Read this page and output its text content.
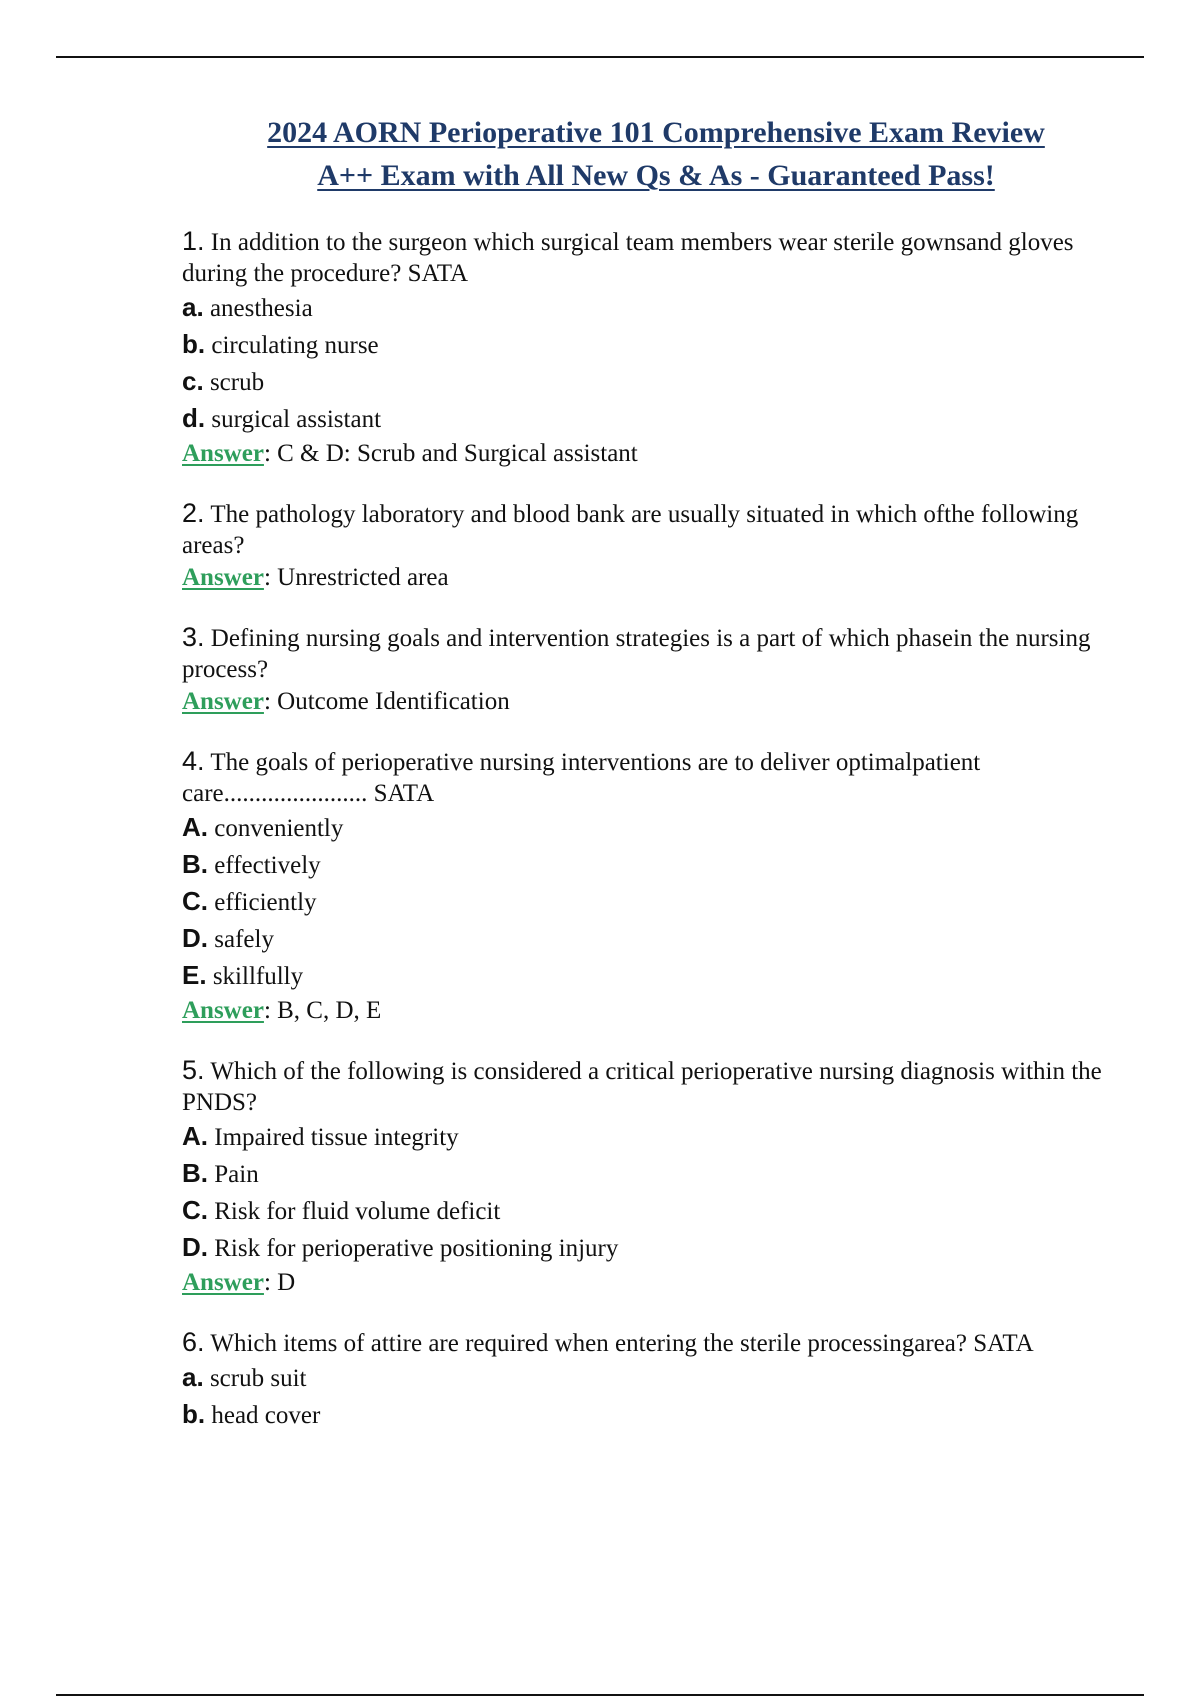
2024 AORN Perioperative 101 Comprehensive Exam Review
A++ Exam with All New Qs & As - Guaranteed Pass!
1. In addition to the surgeon which surgical team members wear sterile gownsand gloves during the procedure? SATA
a. anesthesia
b. circulating nurse
c. scrub
d. surgical assistant
Answer: C & D: Scrub and Surgical assistant
2. The pathology laboratory and blood bank are usually situated in which ofthe following areas?
Answer: Unrestricted area
3. Defining nursing goals and intervention strategies is a part of which phasein the nursing process?
Answer: Outcome Identification
4. The goals of perioperative nursing interventions are to deliver optimalpatient care....................... SATA
A. conveniently
B. effectively
C. efficiently
D. safely
E. skillfully
Answer: B, C, D, E
5. Which of the following is considered a critical perioperative nursing diagnosis within the PNDS?
A. Impaired tissue integrity
B. Pain
C. Risk for fluid volume deficit
D. Risk for perioperative positioning injury
Answer: D
6. Which items of attire are required when entering the sterile processingarea? SATA
a. scrub suit
b. head cover
